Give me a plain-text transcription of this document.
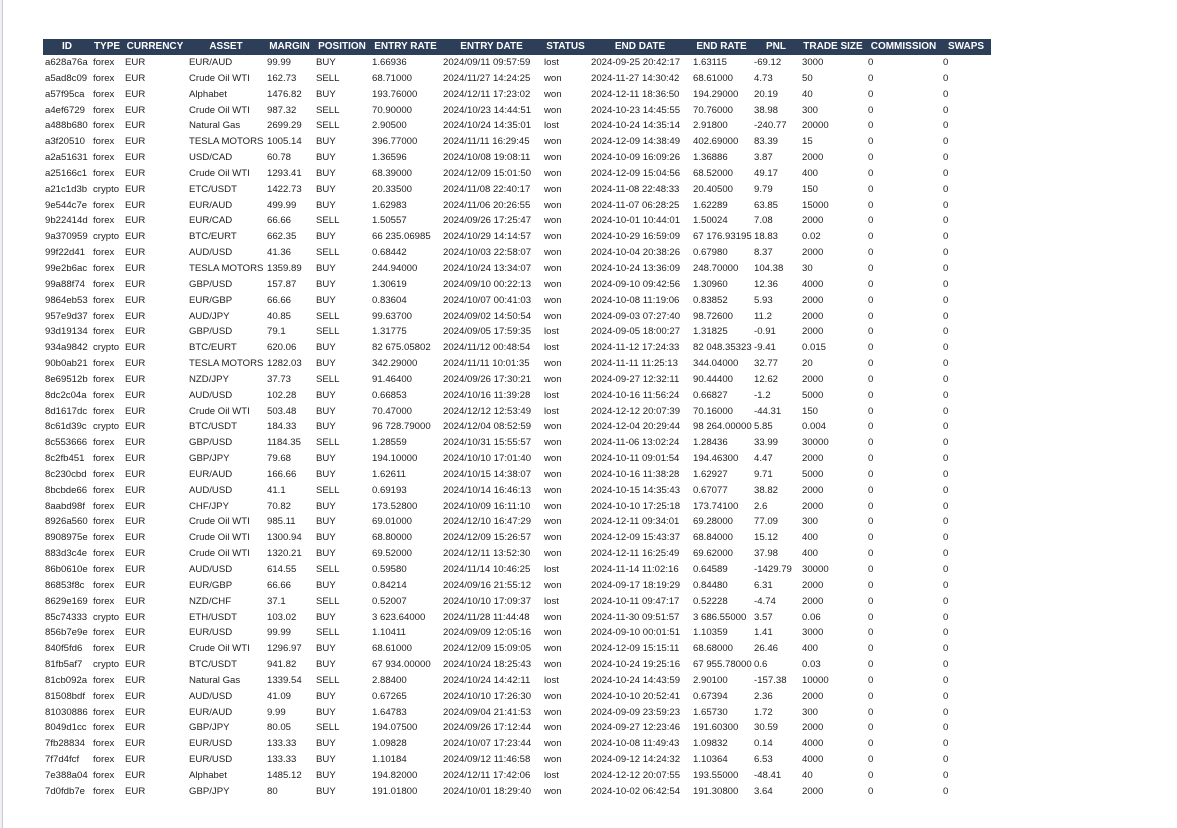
ID	TYPE	CURRENCY	ASSET	MARGIN	POSITION	ENTRY RATE	ENTRY DATE	STATUS	END DATE	END RATE	PNL	TRADE SIZE	COMMISSION	SWAPS
a628a76a	forex	EUR	EUR/AUD	99.99	BUY	1.66936	2024/09/11 09:57:59	lost	2024-09-25 20:42:17	1.63115	-69.12	3000	0	0
a5ad8c09	forex	EUR	Crude Oil WTI	162.73	SELL	68.71000	2024/11/27 14:24:25	won	2024-11-27 14:30:42	68.61000	4.73	50	0	0
a57f95ca	forex	EUR	Alphabet	1476.82	BUY	193.76000	2024/12/11 17:23:02	won	2024-12-11 18:36:50	194.29000	20.19	40	0	0
a4ef6729	forex	EUR	Crude Oil WTI	987.32	SELL	70.90000	2024/10/23 14:44:51	won	2024-10-23 14:45:55	70.76000	38.98	300	0	0
a488b680	forex	EUR	Natural Gas	2699.29	SELL	2.90500	2024/10/24 14:35:01	lost	2024-10-24 14:35:14	2.91800	-240.77	20000	0	0
a3f20510	forex	EUR	TESLA MOTORS	1005.14	BUY	396.77000	2024/11/11 16:29:45	won	2024-12-09 14:38:49	402.69000	83.39	15	0	0
a2a51631	forex	EUR	USD/CAD	60.78	BUY	1.36596	2024/10/08 19:08:11	won	2024-10-09 16:09:26	1.36886	3.87	2000	0	0
a25166c1	forex	EUR	Crude Oil WTI	1293.41	BUY	68.39000	2024/12/09 15:01:50	won	2024-12-09 15:04:56	68.52000	49.17	400	0	0
a21c1d3b	crypto	EUR	ETC/USDT	1422.73	BUY	20.33500	2024/11/08 22:40:17	won	2024-11-08 22:48:33	20.40500	9.79	150	0	0
9e544c7e	forex	EUR	EUR/AUD	499.99	BUY	1.62983	2024/11/06 20:26:55	won	2024-11-07 06:28:25	1.62289	63.85	15000	0	0
9b22414d	forex	EUR	EUR/CAD	66.66	SELL	1.50557	2024/09/26 17:25:47	won	2024-10-01 10:44:01	1.50024	7.08	2000	0	0
9a370959	crypto	EUR	BTC/EURT	662.35	BUY	66 235.06985	2024/10/29 14:14:57	won	2024-10-29 16:59:09	67 176.93195	18.83	0.02	0	0
99f22d41	forex	EUR	AUD/USD	41.36	SELL	0.68442	2024/10/03 22:58:07	won	2024-10-04 20:38:26	0.67980	8.37	2000	0	0
99e2b6ac	forex	EUR	TESLA MOTORS	1359.89	BUY	244.94000	2024/10/24 13:34:07	won	2024-10-24 13:36:09	248.70000	104.38	30	0	0
99a88f74	forex	EUR	GBP/USD	157.87	BUY	1.30619	2024/09/10 00:22:13	won	2024-09-10 09:42:56	1.30960	12.36	4000	0	0
9864eb53	forex	EUR	EUR/GBP	66.66	BUY	0.83604	2024/10/07 00:41:03	won	2024-10-08 11:19:06	0.83852	5.93	2000	0	0
957e9d37	forex	EUR	AUD/JPY	40.85	SELL	99.63700	2024/09/02 14:50:54	won	2024-09-03 07:27:40	98.72600	11.2	2000	0	0
93d19134	forex	EUR	GBP/USD	79.1	SELL	1.31775	2024/09/05 17:59:35	lost	2024-09-05 18:00:27	1.31825	-0.91	2000	0	0
934a9842	crypto	EUR	BTC/EURT	620.06	BUY	82 675.05802	2024/11/12 00:48:54	lost	2024-11-12 17:24:33	82 048.35323	-9.41	0.015	0	0
90b0ab21	forex	EUR	TESLA MOTORS	1282.03	BUY	342.29000	2024/11/11 10:01:35	won	2024-11-11 11:25:13	344.04000	32.77	20	0	0
8e69512b	forex	EUR	NZD/JPY	37.73	SELL	91.46400	2024/09/26 17:30:21	won	2024-09-27 12:32:11	90.44400	12.62	2000	0	0
8dc2c04a	forex	EUR	AUD/USD	102.28	BUY	0.66853	2024/10/16 11:39:28	lost	2024-10-16 11:56:24	0.66827	-1.2	5000	0	0
8d1617dc	forex	EUR	Crude Oil WTI	503.48	BUY	70.47000	2024/12/12 12:53:49	lost	2024-12-12 20:07:39	70.16000	-44.31	150	0	0
8c61d39c	crypto	EUR	BTC/USDT	184.33	BUY	96 728.79000	2024/12/04 08:52:59	won	2024-12-04 20:29:44	98 264.00000	5.85	0.004	0	0
8c553666	forex	EUR	GBP/USD	1184.35	SELL	1.28559	2024/10/31 15:55:57	won	2024-11-06 13:02:24	1.28436	33.99	30000	0	0
8c2fb451	forex	EUR	GBP/JPY	79.68	BUY	194.10000	2024/10/10 17:01:40	won	2024-10-11 09:01:54	194.46300	4.47	2000	0	0
8c230cbd	forex	EUR	EUR/AUD	166.66	BUY	1.62611	2024/10/15 14:38:07	won	2024-10-16 11:38:28	1.62927	9.71	5000	0	0
8bcbde66	forex	EUR	AUD/USD	41.1	SELL	0.69193	2024/10/14 16:46:13	won	2024-10-15 14:35:43	0.67077	38.82	2000	0	0
8aabd98f	forex	EUR	CHF/JPY	70.82	BUY	173.52800	2024/10/09 16:11:10	won	2024-10-10 17:25:18	173.74100	2.6	2000	0	0
8926a560	forex	EUR	Crude Oil WTI	985.11	BUY	69.01000	2024/12/10 16:47:29	won	2024-12-11 09:34:01	69.28000	77.09	300	0	0
8908975e	forex	EUR	Crude Oil WTI	1300.94	BUY	68.80000	2024/12/09 15:26:57	won	2024-12-09 15:43:37	68.84000	15.12	400	0	0
883d3c4e	forex	EUR	Crude Oil WTI	1320.21	BUY	69.52000	2024/12/11 13:52:30	won	2024-12-11 16:25:49	69.62000	37.98	400	0	0
86b0610e	forex	EUR	AUD/USD	614.55	SELL	0.59580	2024/11/14 10:46:25	lost	2024-11-14 11:02:16	0.64589	-1429.79	30000	0	0
86853f8c	forex	EUR	EUR/GBP	66.66	BUY	0.84214	2024/09/16 21:55:12	won	2024-09-17 18:19:29	0.84480	6.31	2000	0	0
8629e169	forex	EUR	NZD/CHF	37.1	SELL	0.52007	2024/10/10 17:09:37	lost	2024-10-11 09:47:17	0.52228	-4.74	2000	0	0
85c74333	crypto	EUR	ETH/USDT	103.02	BUY	3 623.64000	2024/11/28 11:44:48	won	2024-11-30 09:51:57	3 686.55000	3.57	0.06	0	0
856b7e9e	forex	EUR	EUR/USD	99.99	SELL	1.10411	2024/09/09 12:05:16	won	2024-09-10 00:01:51	1.10359	1.41	3000	0	0
840f5fd6	forex	EUR	Crude Oil WTI	1296.97	BUY	68.61000	2024/12/09 15:09:05	won	2024-12-09 15:15:11	68.68000	26.46	400	0	0
81fb5af7	crypto	EUR	BTC/USDT	941.82	BUY	67 934.00000	2024/10/24 18:25:43	won	2024-10-24 19:25:16	67 955.78000	0.6	0.03	0	0
81cb092a	forex	EUR	Natural Gas	1339.54	SELL	2.88400	2024/10/24 14:42:11	lost	2024-10-24 14:43:59	2.90100	-157.38	10000	0	0
81508bdf	forex	EUR	AUD/USD	41.09	BUY	0.67265	2024/10/10 17:26:30	won	2024-10-10 20:52:41	0.67394	2.36	2000	0	0
81030886	forex	EUR	EUR/AUD	9.99	BUY	1.64783	2024/09/04 21:41:53	won	2024-09-09 23:59:23	1.65730	1.72	300	0	0
8049d1cc	forex	EUR	GBP/JPY	80.05	SELL	194.07500	2024/09/26 17:12:44	won	2024-09-27 12:23:46	191.60300	30.59	2000	0	0
7fb28834	forex	EUR	EUR/USD	133.33	BUY	1.09828	2024/10/07 17:23:44	won	2024-10-08 11:49:43	1.09832	0.14	4000	0	0
7f7d4fcf	forex	EUR	EUR/USD	133.33	BUY	1.10184	2024/09/12 11:46:58	won	2024-09-12 14:24:32	1.10364	6.53	4000	0	0
7e388a04	forex	EUR	Alphabet	1485.12	BUY	194.82000	2024/12/11 17:42:06	lost	2024-12-12 20:07:55	193.55000	-48.41	40	0	0
7d0fdb7e	forex	EUR	GBP/JPY	80	BUY	191.01800	2024/10/01 18:29:40	won	2024-10-02 06:42:54	191.30800	3.64	2000	0	0
